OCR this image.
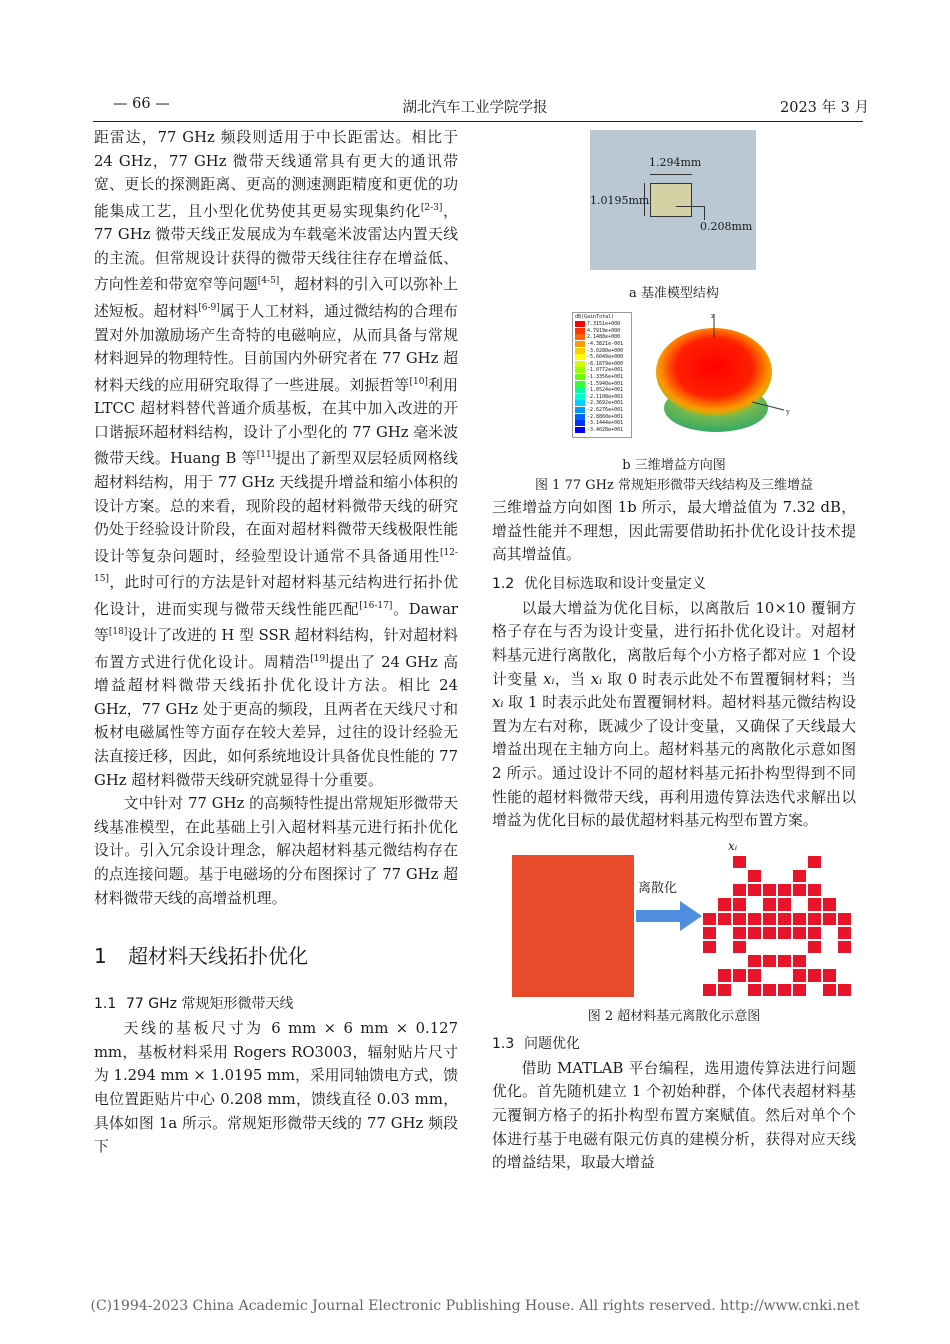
— 66 —	湖北汽车工业学院学报	2023 年 3 月

距雷达，77 GHz 频段则适用于中长距雷达。相比于 24 GHz，77 GHz 微带天线通常具有更大的通讯带宽、更长的探测距离、更高的测速测距精度和更优的功能集成工艺，且小型化优势使其更易实现集约化[2-3]，77 GHz 微带天线正发展成为车载毫米波雷达内置天线的主流。但常规设计获得的微带天线往往存在增益低、方向性差和带宽窄等问题[4-5]，超材料的引入可以弥补上述短板。超材料[6-9]属于人工材料，通过微结构的合理布置对外加激励场产生奇特的电磁响应，从而具备与常规材料迥异的物理特性。目前国内外研究者在 77 GHz 超材料天线的应用研究取得了一些进展。刘振哲等[10]利用 LTCC 超材料替代普通介质基板，在其中加入改进的开口谐振环超材料结构，设计了小型化的 77 GHz 毫米波微带天线。Huang B 等[11]提出了新型双层轻质网格线超材料结构，用于 77 GHz 天线提升增益和缩小体积的设计方案。总的来看，现阶段的超材料微带天线的研究仍处于经验设计阶段，在面对超材料微带天线极限性能设计等复杂问题时，经验型设计通常不具备通用性[12-15]，此时可行的方法是针对超材料基元结构进行拓扑优化设计，进而实现与微带天线性能匹配[16-17]。Dawar 等[18]设计了改进的 H 型 SSR 超材料结构，针对超材料布置方式进行优化设计。周精浩[19]提出了 24 GHz 高增益超材料微带天线拓扑优化设计方法。相比 24 GHz，77 GHz 处于更高的频段，且两者在天线尺寸和板材电磁属性等方面存在较大差异，过往的设计经验无法直接迁移，因此，如何系统地设计具备优良性能的 77 GHz 超材料微带天线研究就显得十分重要。

文中针对 77 GHz 的高频特性提出常规矩形微带天线基准模型，在此基础上引入超材料基元进行拓扑优化设计。引入冗余设计理念，解决超材料基元微结构存在的点连接问题。基于电磁场的分布图探讨了 77 GHz 超材料微带天线的高增益机理。

1 超材料天线拓扑优化
1.1 77 GHz 常规矩形微带天线

天线的基板尺寸为 6 mm × 6 mm × 0.127 mm，基板材料采用 Rogers RO3003，辐射贴片尺寸为 1.294 mm × 1.0195 mm，采用同轴馈电方式，馈电位置距贴片中心 0.208 mm，馈线直径 0.03 mm，具体如图 1a 所示。常规矩形微带天线的 77 GHz 频段下

1.294mm
1.0195mm
0.208mm
a 基准模型结构
dB(GainTotal)
7.3151e+000
4.7919e+000
2.1488e+000
-4.3821e-001
-3.0280e+000
-5.6049e+000
-8.1879e+000
-1.0772e+001
-1.3356e+001
-1.5940e+001
-1.8524e+001
-2.1108e+001
-2.3692e+001
-2.6276e+001
-2.8860e+001
-3.1444e+001
-3.4028e+001
z
y
b 三维增益方向图
图 1 77 GHz 常规矩形微带天线结构及三维增益

三维增益方向如图 1b 所示，最大增益值为 7.32 dB，增益性能并不理想，因此需要借助拓扑优化设计技术提高其增益值。

1.2 优化目标选取和设计变量定义

以最大增益为优化目标，以离散后 10×10 覆铜方格子存在与否为设计变量，进行拓扑优化设计。对超材料基元进行离散化，离散后每个小方格子都对应 1 个设计变量 xᵢ，当 xᵢ 取 0 时表示此处不布置覆铜材料；当 xᵢ 取 1 时表示此处布置覆铜材料。超材料基元微结构设置为左右对称，既减少了设计变量，又确保了天线最大增益出现在主轴方向上。超材料基元的离散化示意如图 2 所示。通过设计不同的超材料基元拓扑构型得到不同性能的超材料微带天线，再利用遗传算法迭代求解出以增益为优化目标的最优超材料基元构型布置方案。

离散化
xᵢ
图 2 超材料基元离散化示意图
1.3 问题优化

借助 MATLAB 平台编程，选用遗传算法进行问题优化。首先随机建立 1 个初始种群，个体代表超材料基元覆铜方格子的拓扑构型布置方案赋值。然后对单个个体进行基于电磁有限元仿真的建模分析，获得对应天线的增益结果，取最大增益

(C)1994-2023 China Academic Journal Electronic Publishing House. All rights reserved. http://www.cnki.net
